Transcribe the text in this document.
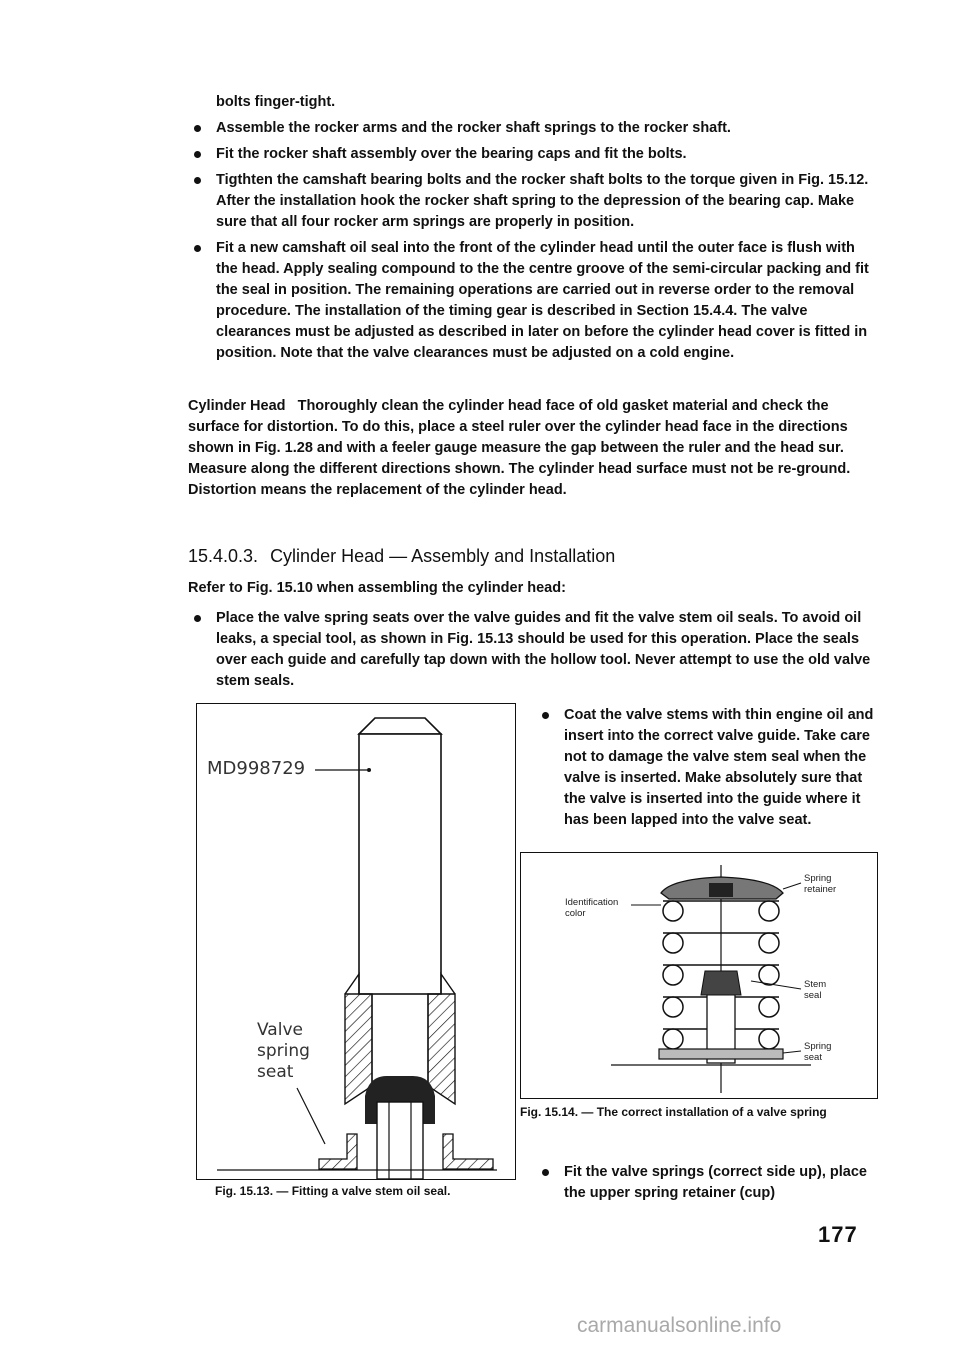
bolts finger-tight.
Assemble the rocker arms and the rocker shaft springs to the rocker shaft.
Fit the rocker shaft assembly over the bearing caps and fit the bolts.
Tigthten the camshaft bearing bolts and the rocker shaft bolts to the torque given in Fig. 15.12. After the installation hook the rocker shaft spring to the depression of the bearing cap. Make sure that all four rocker arm springs are properly in position.
Fit a new camshaft oil seal into the front of the cylinder head until the outer face is flush with the head. Apply sealing compound to the the centre groove of the semi-circular packing and fit the seal in position. The remaining operations are carried out in reverse order to the removal procedure. The installation of the timing gear is described in Section 15.4.4. The valve clearances must be adjusted as described in later on before the cylinder head cover is fitted in position. Note that the valve clearances must be adjusted on a cold engine.

Cylinder Head Thoroughly clean the cylinder head face of old gasket material and check the surface for distortion. To do this, place a steel ruler over the cylinder head face in the directions shown in Fig. 1.28 and with a feeler gauge measure the gap between the ruler and the head sur. Measure along the different directions shown. The cylinder head surface must not be re-ground. Distortion means the replacement of the cylinder head.

15.4.0.3. Cylinder Head — Assembly and Installation
Refer to Fig. 15.10 when assembling the cylinder head:
Place the valve spring seats over the valve guides and fit the valve stem oil seals. To avoid oil leaks, a special tool, as shown in Fig. 15.13 should be used for this operation. Place the seals over each guide and carefully tap down with the hollow tool. Never attempt to use the old valve stem seals.
MD998729
Valve
spring
seat
Fig. 15.13. — Fitting a valve stem oil seal.
Coat the valve stems with thin engine oil and insert into the correct valve guide. Take care not to damage the valve stem seal when the valve is inserted. Make absolutely sure that the valve is inserted into the guide where it has been lapped into the valve seat.
Identification
color
Spring
retainer
Stem
seal
Spring
seat
Fig. 15.14. — The correct installation of a valve spring
Fit the valve springs (correct side up), place the upper spring retainer (cup)
177
carmanualsonline.info
